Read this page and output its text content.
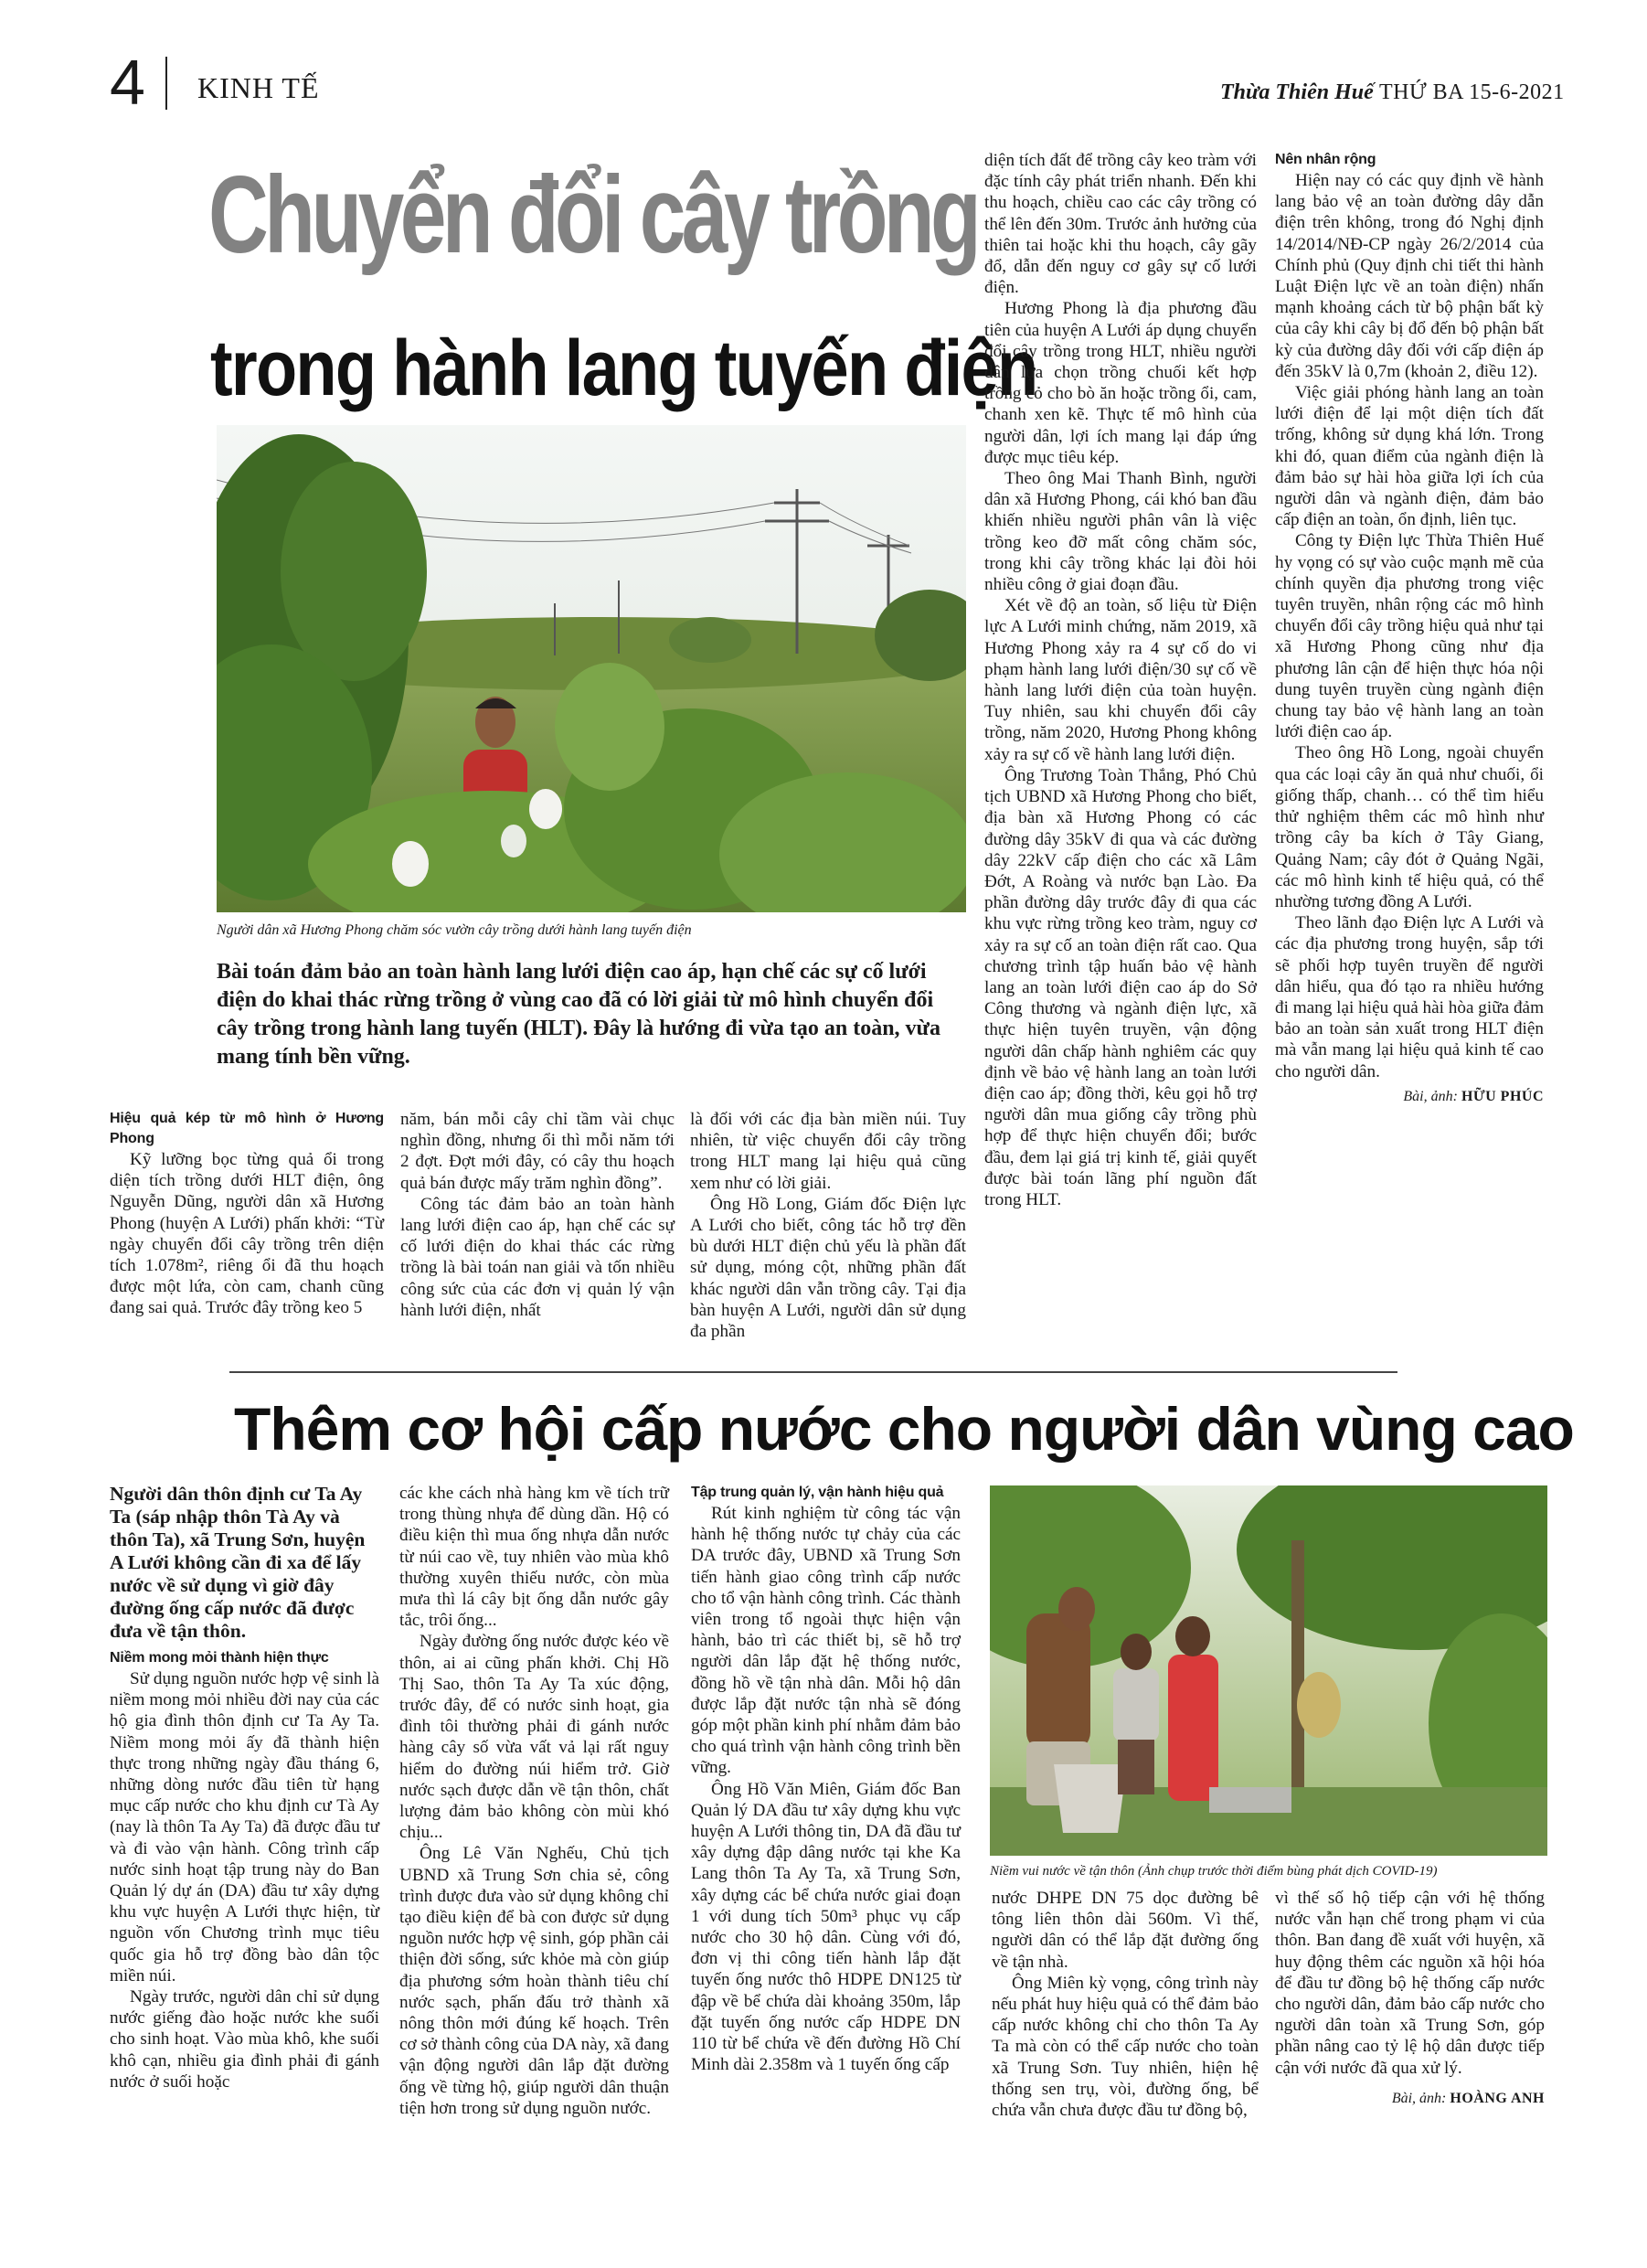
4 KINH TẾ	Thừa Thiên Huế THỨ BA 15-6-2021
Chuyển đổi cây trồng
trong hành lang tuyến điện
Người dân xã Hương Phong chăm sóc vườn cây trồng dưới hành lang tuyến điện
Bài toán đảm bảo an toàn hành lang lưới điện cao áp, hạn chế các sự cố lưới điện do khai thác rừng trồng ở vùng cao đã có lời giải từ mô hình chuyển đổi cây trồng trong hành lang tuyến (HLT). Đây là hướng đi vừa tạo an toàn, vừa mang tính bền vững.

Hiệu quả kép từ mô hình ở Hương Phong

Kỹ lưỡng bọc từng quả ổi trong diện tích trồng dưới HLT điện, ông Nguyễn Dũng, người dân xã Hương Phong (huyện A Lưới) phấn khởi: “Từ ngày chuyển đổi cây trồng trên diện tích 1.078m², riêng ổi đã thu hoạch được một lứa, còn cam, chanh cũng đang sai quả. Trước đây trồng keo 5

năm, bán mỗi cây chỉ tầm vài chục nghìn đồng, nhưng ổi thì mỗi năm tới 2 đợt. Đợt mới đây, có cây thu hoạch quả bán được mấy trăm nghìn đồng”.

Công tác đảm bảo an toàn hành lang lưới điện cao áp, hạn chế các sự cố lưới điện do khai thác các rừng trồng là bài toán nan giải và tốn nhiều công sức của các đơn vị quản lý vận hành lưới điện, nhất

là đối với các địa bàn miền núi. Tuy nhiên, từ việc chuyển đổi cây trồng trong HLT mang lại hiệu quả cũng xem như có lời giải.

Ông Hồ Long, Giám đốc Điện lực A Lưới cho biết, công tác hỗ trợ đền bù dưới HLT điện chủ yếu là phần đất sử dụng, móng cột, những phần đất khác người dân vẫn trồng cây. Tại địa bàn huyện A Lưới, người dân sử dụng đa phần

diện tích đất để trồng cây keo tràm với đặc tính cây phát triển nhanh. Đến khi thu hoạch, chiều cao các cây trồng có thể lên đến 30m. Trước ảnh hưởng của thiên tai hoặc khi thu hoạch, cây gãy đổ, dẫn đến nguy cơ gây sự cố lưới điện.

Hương Phong là địa phương đầu tiên của huyện A Lưới áp dụng chuyển đổi cây trồng trong HLT, nhiều người dân lựa chọn trồng chuối kết hợp trồng cỏ cho bò ăn hoặc trồng ổi, cam, chanh xen kẽ. Thực tế mô hình của người dân, lợi ích mang lại đáp ứng được mục tiêu kép.

Theo ông Mai Thanh Bình, người dân xã Hương Phong, cái khó ban đầu khiến nhiều người phân vân là việc trồng keo đỡ mất công chăm sóc, trong khi cây trồng khác lại đòi hỏi nhiều công ở giai đoạn đầu.

Xét về độ an toàn, số liệu từ Điện lực A Lưới minh chứng, năm 2019, xã Hương Phong xảy ra 4 sự cố do vi phạm hành lang lưới điện/30 sự cố về hành lang lưới điện của toàn huyện. Tuy nhiên, sau khi chuyển đổi cây trồng, năm 2020, Hương Phong không xảy ra sự cố về hành lang lưới điện.

Ông Trương Toàn Thắng, Phó Chủ tịch UBND xã Hương Phong cho biết, địa bàn xã Hương Phong có các đường dây 35kV đi qua và các đường dây 22kV cấp điện cho các xã Lâm Đớt, A Roàng và nước bạn Lào. Đa phần đường dây trước đây đi qua các khu vực rừng trồng keo tràm, nguy cơ xảy ra sự cố an toàn điện rất cao. Qua chương trình tập huấn bảo vệ hành lang an toàn lưới điện cao áp do Sở Công thương và ngành điện lực, xã thực hiện tuyên truyền, vận động người dân chấp hành nghiêm các quy định về bảo vệ hành lang an toàn lưới điện cao áp; đồng thời, kêu gọi hỗ trợ người dân mua giống cây trồng phù hợp để thực hiện chuyển đổi; bước đầu, đem lại giá trị kinh tế, giải quyết được bài toán lãng phí nguồn đất trong HLT.

Nên nhân rộng

Hiện nay có các quy định về hành lang bảo vệ an toàn đường dây dẫn điện trên không, trong đó Nghị định 14/2014/NĐ-CP ngày 26/2/2014 của Chính phủ (Quy định chi tiết thi hành Luật Điện lực về an toàn điện) nhấn mạnh khoảng cách từ bộ phận bất kỳ của cây khi cây bị đổ đến bộ phận bất kỳ của đường dây đối với cấp điện áp đến 35kV là 0,7m (khoản 2, điều 12).

Việc giải phóng hành lang an toàn lưới điện để lại một diện tích đất trống, không sử dụng khá lớn. Trong khi đó, quan điểm của ngành điện là đảm bảo sự hài hòa giữa lợi ích của người dân và ngành điện, đảm bảo cấp điện an toàn, ổn định, liên tục.

Công ty Điện lực Thừa Thiên Huế hy vọng có sự vào cuộc mạnh mẽ của chính quyền địa phương trong việc tuyên truyền, nhân rộng các mô hình chuyển đổi cây trồng hiệu quả như tại xã Hương Phong cũng như địa phương lân cận để hiện thực hóa nội dung tuyên truyền cùng ngành điện chung tay bảo vệ hành lang an toàn lưới điện cao áp.

Theo ông Hồ Long, ngoài chuyển qua các loại cây ăn quả như chuối, ổi giống thấp, chanh… có thể tìm hiểu thử nghiệm thêm các mô hình như trồng cây ba kích ở Tây Giang, Quảng Nam; cây đót ở Quảng Ngãi, các mô hình kinh tế hiệu quả, có thể nhường tương đồng A Lưới.

Theo lãnh đạo Điện lực A Lưới và các địa phương trong huyện, sắp tới sẽ phối hợp tuyên truyền để người dân hiểu, qua đó tạo ra nhiều hướng đi mang lại hiệu quả hài hòa giữa đảm bảo an toàn sản xuất trong HLT điện mà vẫn mang lại hiệu quả kinh tế cao cho người dân.

Bài, ảnh: HỮU PHÚC

Thêm cơ hội cấp nước cho người dân vùng cao

Người dân thôn định cư Ta Ay Ta (sáp nhập thôn Tà Ay và thôn Ta), xã Trung Sơn, huyện A Lưới không cần đi xa để lấy nước về sử dụng vì giờ đây đường ống cấp nước đã được đưa về tận thôn.

Niềm mong mỏi thành hiện thực

Sử dụng nguồn nước hợp vệ sinh là niềm mong mỏi nhiều đời nay của các hộ gia đình thôn định cư Ta Ay Ta. Niềm mong mỏi ấy đã thành hiện thực trong những ngày đầu tháng 6, những dòng nước đầu tiên từ hạng mục cấp nước cho khu định cư Tà Ay (nay là thôn Ta Ay Ta) đã được đầu tư và đi vào vận hành. Công trình cấp nước sinh hoạt tập trung này do Ban Quản lý dự án (DA) đầu tư xây dựng khu vực huyện A Lưới thực hiện, từ nguồn vốn Chương trình mục tiêu quốc gia hỗ trợ đồng bào dân tộc miền núi.

Ngày trước, người dân chỉ sử dụng nước giếng đào hoặc nước khe suối cho sinh hoạt. Vào mùa khô, khe suối khô cạn, nhiều gia đình phải đi gánh nước ở suối hoặc

các khe cách nhà hàng km về tích trữ trong thùng nhựa để dùng dần. Hộ có điều kiện thì mua ống nhựa dẫn nước từ núi cao về, tuy nhiên vào mùa khô thường xuyên thiếu nước, còn mùa mưa thì lá cây bịt ống dẫn nước gây tắc, trôi ống...

Ngày đường ống nước được kéo về thôn, ai ai cũng phấn khởi. Chị Hồ Thị Sao, thôn Ta Ay Ta xúc động, trước đây, để có nước sinh hoạt, gia đình tôi thường phải đi gánh nước hàng cây số vừa vất vả lại rất nguy hiểm do đường núi hiểm trở. Giờ nước sạch được dẫn về tận thôn, chất lượng đảm bảo không còn mùi khó chịu...

Ông Lê Văn Nghếu, Chủ tịch UBND xã Trung Sơn chia sẻ, công trình được đưa vào sử dụng không chỉ tạo điều kiện để bà con được sử dụng nguồn nước hợp vệ sinh, góp phần cải thiện đời sống, sức khỏe mà còn giúp địa phương sớm hoàn thành tiêu chí nước sạch, phấn đấu trở thành xã nông thôn mới đúng kế hoạch. Trên cơ sở thành công của DA này, xã đang vận động người dân lắp đặt đường ống về từng hộ, giúp người dân thuận tiện hơn trong sử dụng nguồn nước.

Tập trung quản lý, vận hành hiệu quả

Rút kinh nghiệm từ công tác vận hành hệ thống nước tự chảy của các DA trước đây, UBND xã Trung Sơn tiến hành giao công trình cấp nước cho tổ vận hành công trình. Các thành viên trong tổ ngoài thực hiện vận hành, bảo trì các thiết bị, sẽ hỗ trợ người dân lắp đặt hệ thống nước, đồng hồ về tận nhà dân. Mỗi hộ dân được lắp đặt nước tận nhà sẽ đóng góp một phần kinh phí nhằm đảm bảo cho quá trình vận hành công trình bền vững.

Ông Hồ Văn Miên, Giám đốc Ban Quản lý DA đầu tư xây dựng khu vực huyện A Lưới thông tin, DA đã đầu tư xây dựng đập dâng nước tại khe Ka Lang thôn Ta Ay Ta, xã Trung Sơn, xây dựng các bể chứa nước giai đoạn 1 với dung tích 50m³ phục vụ cấp nước cho 30 hộ dân. Cùng với đó, đơn vị thi công tiến hành lắp đặt tuyến ống nước thô HDPE DN125 từ đập về bể chứa dài khoảng 350m, lắp đặt tuyến ống nước cấp HDPE DN 110 từ bể chứa về đến đường Hồ Chí Minh dài 2.358m và 1 tuyến ống cấp

Niềm vui nước về tận thôn (Ảnh chụp trước thời điểm bùng phát dịch COVID-19)

nước DHPE DN 75 dọc đường bê tông liên thôn dài 560m. Vì thế, người dân có thể lắp đặt đường ống về tận nhà.

Ông Miên kỳ vọng, công trình này nếu phát huy hiệu quả có thể đảm bảo cấp nước không chỉ cho thôn Ta Ay Ta mà còn có thể cấp nước cho toàn xã Trung Sơn. Tuy nhiên, hiện hệ thống sen trụ, vòi, đường ống, bể chứa vẫn chưa được đầu tư đồng bộ,

vì thế số hộ tiếp cận với hệ thống nước vẫn hạn chế trong phạm vi của thôn. Ban đang đề xuất với huyện, xã huy động thêm các nguồn xã hội hóa để đầu tư đồng bộ hệ thống cấp nước cho người dân, đảm bảo cấp nước cho người dân toàn xã Trung Sơn, góp phần nâng cao tỷ lệ hộ dân được tiếp cận với nước đã qua xử lý.

Bài, ảnh: HOÀNG ANH
